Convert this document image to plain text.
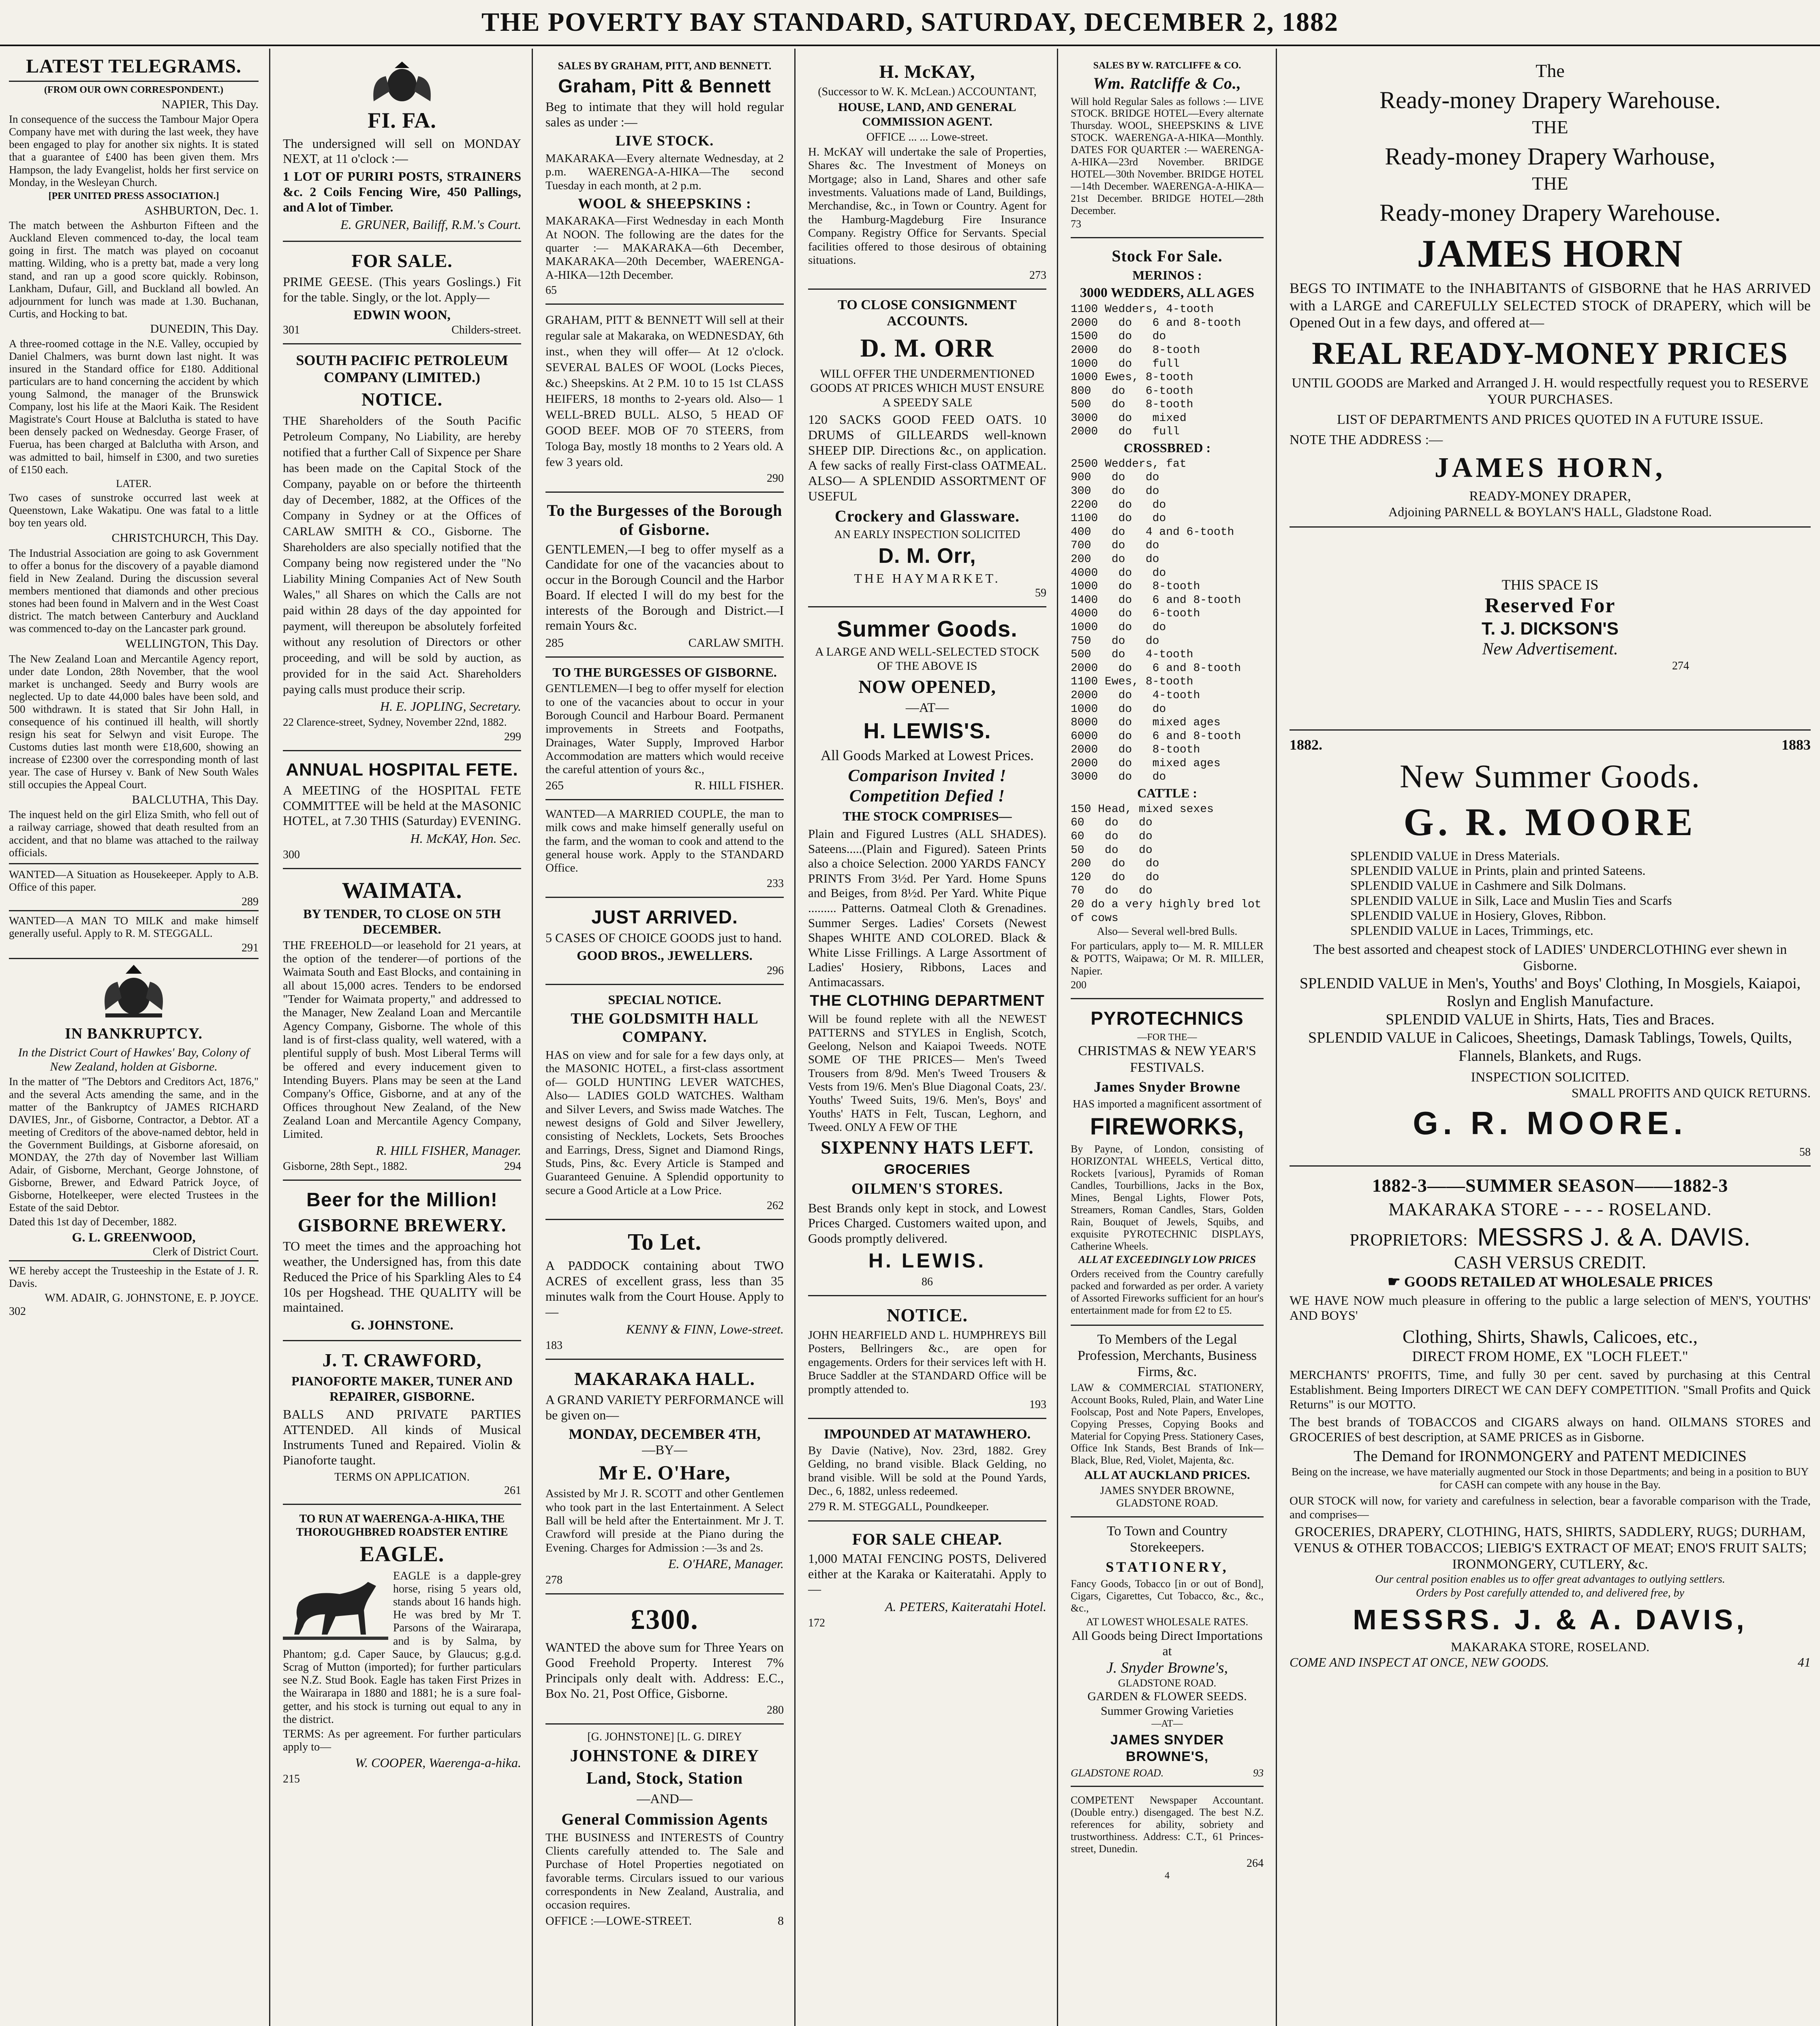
THE POVERTY BAY STANDARD, SATURDAY, DECEMBER 2, 1882
LATEST TELEGRAMS.
(FROM OUR OWN CORRESPONDENT.)
NAPIER, This Day.
In consequence of the success the Tambour Major Opera Company have met with during the last week, they have been engaged to play for another six nights. It is stated that a guarantee of £400 has been given them. Mrs Hampson, the lady Evangelist, holds her first service on Monday, in the Wesleyan Church.
[PER UNITED PRESS ASSOCIATION.]
ASHBURTON, Dec. 1.
The match between the Ashburton Fifteen and the Auckland Eleven commenced to-day, the local team going in first. The match was played on cocoanut matting. Wilding, who is a pretty bat, made a very long stand, and ran up a good score quickly. Robinson, Lankham, Dufaur, Gill, and Buckland all bowled. An adjournment for lunch was made at 1.30. Buchanan, Curtis, and Hocking to bat.
DUNEDIN, This Day.
A three-roomed cottage in the N.E. Valley, occupied by Daniel Chalmers, was burnt down last night. It was insured in the Standard office for £180. Additional particulars are to hand concerning the accident by which young Salmond, the manager of the Brunswick Company, lost his life at the Maori Kaik. The Resident Magistrate's Court House at Balclutha is stated to have been densely packed on Wednesday. George Fraser, of Fuerua, has been charged at Balclutha with Arson, and was admitted to bail, himself in £300, and two sureties of £150 each.
LATER.
Two cases of sunstroke occurred last week at Queenstown, Lake Wakatipu. One was fatal to a little boy ten years old.
CHRISTCHURCH, This Day.
The Industrial Association are going to ask Government to offer a bonus for the discovery of a payable diamond field in New Zealand. During the discussion several members mentioned that diamonds and other precious stones had been found in Malvern and in the West Coast district. The match between Canterbury and Auckland was commenced to-day on the Lancaster park ground.
WELLINGTON, This Day.
The New Zealand Loan and Mercantile Agency report, under date London, 28th November, that the wool market is unchanged. Seedy and Burry wools are neglected. Up to date 44,000 bales have been sold, and 500 withdrawn. It is stated that Sir John Hall, in consequence of his continued ill health, will shortly resign his seat for Selwyn and visit Europe. The Customs duties last month were £18,600, showing an increase of £2300 over the corresponding month of last year. The case of Hursey v. Bank of New South Wales still occupies the Appeal Court.
BALCLUTHA, This Day.
The inquest held on the girl Eliza Smith, who fell out of a railway carriage, showed that death resulted from an accident, and that no blame was attached to the railway officials.
WANTED—A Situation as Housekeeper. Apply to A.B. Office of this paper.
289
WANTED—A MAN TO MILK and make himself generally useful. Apply to R. M. STEGGALL.
291
IN BANKRUPTCY.
In the District Court of Hawkes' Bay, Colony of New Zealand, holden at Gisborne.
In the matter of "The Debtors and Creditors Act, 1876," and the several Acts amending the same, and in the matter of the Bankruptcy of JAMES RICHARD DAVIES, Jnr., of Gisborne, Contractor, a Debtor. AT a meeting of Creditors of the above-named debtor, held in the Government Buildings, at Gisborne aforesaid, on MONDAY, the 27th day of November last William Adair, of Gisborne, Merchant, George Johnstone, of Gisborne, Brewer, and Edward Patrick Joyce, of Gisborne, Hotelkeeper, were elected Trustees in the Estate of the said Debtor.
Dated this 1st day of December, 1882.
G. L. GREENWOOD,
Clerk of District Court.
WE hereby accept the Trusteeship in the Estate of J. R. Davis.
WM. ADAIR, G. JOHNSTONE, E. P. JOYCE.
302
FI. FA.
The undersigned will sell on MONDAY NEXT, at 11 o'clock :—
1 LOT OF PURIRI POSTS, STRAINERS &c. 2 Coils Fencing Wire, 450 Pallings, and A lot of Timber.
E. GRUNER, Bailiff, R.M.'s Court.
FOR SALE.
PRIME GEESE. (This years Goslings.) Fit for the table. Singly, or the lot. Apply—
EDWIN WOON,
301	Childers-street.
SOUTH PACIFIC PETROLEUM COMPANY (LIMITED.)
NOTICE.
THE Shareholders of the South Pacific Petroleum Company, No Liability, are hereby notified that a further Call of Sixpence per Share has been made on the Capital Stock of the Company, payable on or before the thirteenth day of December, 1882, at the Offices of the Company in Sydney or at the Offices of CARLAW SMITH & CO., Gisborne. The Shareholders are also specially notified that the Company being now registered under the "No Liability Mining Companies Act of New South Wales," all Shares on which the Calls are not paid within 28 days of the day appointed for payment, will thereupon be absolutely forfeited without any resolution of Directors or other proceeding, and will be sold by auction, as provided for in the said Act. Shareholders paying calls must produce their scrip.
H. E. JOPLING, Secretary.
22 Clarence-street, Sydney, November 22nd, 1882.
299
ANNUAL HOSPITAL FETE.
A MEETING of the HOSPITAL FETE COMMITTEE will be held at the MASONIC HOTEL, at 7.30 THIS (Saturday) EVENING.
H. McKAY, Hon. Sec.
300
WAIMATA.
BY TENDER, TO CLOSE ON 5TH DECEMBER.
THE FREEHOLD—or leasehold for 21 years, at the option of the tenderer—of portions of the Waimata South and East Blocks, and containing in all about 15,000 acres. Tenders to be endorsed "Tender for Waimata property," and addressed to the Manager, New Zealand Loan and Mercantile Agency Company, Gisborne. The whole of this land is of first-class quality, well watered, with a plentiful supply of bush. Most Liberal Terms will be offered and every inducement given to Intending Buyers. Plans may be seen at the Land Company's Office, Gisborne, and at any of the Offices throughout New Zealand, of the New Zealand Loan and Mercantile Agency Company, Limited.
R. HILL FISHER, Manager.
Gisborne, 28th Sept., 1882.	294
Beer for the Million!
GISBORNE BREWERY.
TO meet the times and the approaching hot weather, the Undersigned has, from this date Reduced the Price of his Sparkling Ales to £4 10s per Hogshead. THE QUALITY will be maintained.
G. JOHNSTONE.
J. T. CRAWFORD,
PIANOFORTE MAKER, TUNER AND REPAIRER, GISBORNE.
BALLS AND PRIVATE PARTIES ATTENDED. All kinds of Musical Instruments Tuned and Repaired. Violin & Pianoforte taught.
TERMS ON APPLICATION.
261
TO RUN AT WAERENGA-A-HIKA, THE THOROUGHBRED ROADSTER ENTIRE
EAGLE.
EAGLE is a dapple-grey horse, rising 5 years old, stands about 16 hands high. He was bred by Mr T. Parsons of the Wairarapa, and is by Salma, by Phantom; g.d. Caper Sauce, by Glaucus; g.g.d. Scrag of Mutton (imported); for further particulars see N.Z. Stud Book. Eagle has taken First Prizes in the Wairarapa in 1880 and 1881; he is a sure foal-getter, and his stock is turning out equal to any in the district.
TERMS: As per agreement. For further particulars apply to—
W. COOPER, Waerenga-a-hika.
215
SALES BY GRAHAM, PITT, AND BENNETT.
Graham, Pitt & Bennett
Beg to intimate that they will hold regular sales as under :—
LIVE STOCK.
MAKARAKA—Every alternate Wednesday, at 2 p.m. WAERENGA-A-HIKA—The second Tuesday in each month, at 2 p.m.
WOOL & SHEEPSKINS :
MAKARAKA—First Wednesday in each Month At NOON. The following are the dates for the quarter :— MAKARAKA—6th December, MAKARAKA—20th December, WAERENGA-A-HIKA—12th December.
65
GRAHAM, PITT & BENNETT Will sell at their regular sale at Makaraka, on WEDNESDAY, 6th inst., when they will offer— At 12 o'clock. SEVERAL BALES OF WOOL (Locks Pieces, &c.) Sheepskins. At 2 P.M. 10 to 15 1st CLASS HEIFERS, 18 months to 2-years old. Also— 1 WELL-BRED BULL. ALSO, 5 HEAD OF GOOD BEEF. MOB OF 70 STEERS, from Tologa Bay, mostly 18 months to 2 Years old. A few 3 years old.
290
To the Burgesses of the Borough of Gisborne.
GENTLEMEN,—I beg to offer myself as a Candidate for one of the vacancies about to occur in the Borough Council and the Harbor Board. If elected I will do my best for the interests of the Borough and District.—I remain Yours &c.
285	CARLAW SMITH.
TO THE BURGESSES OF GISBORNE.
GENTLEMEN—I beg to offer myself for election to one of the vacancies about to occur in your Borough Council and Harbour Board. Permanent improvements in Streets and Footpaths, Drainages, Water Supply, Improved Harbor Accommodation are matters which would receive the careful attention of yours &c.,
265	R. HILL FISHER.
WANTED—A MARRIED COUPLE, the man to milk cows and make himself generally useful on the farm, and the woman to cook and attend to the general house work. Apply to the STANDARD Office.
233
JUST ARRIVED.
5 CASES OF CHOICE GOODS just to hand.
GOOD BROS., JEWELLERS.
296
SPECIAL NOTICE.
THE GOLDSMITH HALL COMPANY.
HAS on view and for sale for a few days only, at the MASONIC HOTEL, a first-class assortment of— GOLD HUNTING LEVER WATCHES, Also— LADIES GOLD WATCHES. Waltham and Silver Levers, and Swiss made Watches. The newest designs of Gold and Silver Jewellery, consisting of Necklets, Lockets, Sets Brooches and Earrings, Dress, Signet and Diamond Rings, Studs, Pins, &c. Every Article is Stamped and Guaranteed Genuine. A Splendid opportunity to secure a Good Article at a Low Price.
262
To Let.
A PADDOCK containing about TWO ACRES of excellent grass, less than 35 minutes walk from the Court House. Apply to—
KENNY & FINN, Lowe-street.
183
MAKARAKA HALL.
A GRAND VARIETY PERFORMANCE will be given on—
MONDAY, DECEMBER 4TH,
—BY—
Mr E. O'Hare,
Assisted by Mr J. R. SCOTT and other Gentlemen who took part in the last Entertainment. A Select Ball will be held after the Entertainment. Mr J. T. Crawford will preside at the Piano during the Evening. Charges for Admission :—3s and 2s.
E. O'HARE, Manager.
278
£300.
WANTED the above sum for Three Years on Good Freehold Property. Interest 7% Principals only dealt with. Address: E.C., Box No. 21, Post Office, Gisborne.
280
[G. JOHNSTONE] [L. G. DIREY
JOHNSTONE & DIREY
Land, Stock, Station
—AND—
General Commission Agents
THE BUSINESS and INTERESTS of Country Clients carefully attended to. The Sale and Purchase of Hotel Properties negotiated on favorable terms. Circulars issued to our various correspondents in New Zealand, Australia, and occasion requires.
OFFICE :—LOWE-STREET.	8
H. McKAY,
(Successor to W. K. McLean.) ACCOUNTANT,
HOUSE, LAND, AND GENERAL COMMISSION AGENT.
OFFICE ... ... Lowe-street.
H. McKAY will undertake the sale of Properties, Shares &c. The Investment of Moneys on Mortgage; also in Land, Shares and other safe investments. Valuations made of Land, Buildings, Merchandise, &c., in Town or Country. Agent for the Hamburg-Magdeburg Fire Insurance Company. Registry Office for Servants. Special facilities offered to those desirous of obtaining situations.
273
TO CLOSE CONSIGNMENT ACCOUNTS.
D. M. ORR
WILL OFFER THE UNDERMENTIONED GOODS AT PRICES WHICH MUST ENSURE A SPEEDY SALE
120 SACKS GOOD FEED OATS. 10 DRUMS of GILLEARDS well-known SHEEP DIP. Directions &c., on application. A few sacks of really First-class OATMEAL. ALSO— A SPLENDID ASSORTMENT OF USEFUL
Crockery and Glassware.
AN EARLY INSPECTION SOLICITED
D. M. Orr,
THE HAYMARKET.
59
Summer Goods.
A LARGE AND WELL-SELECTED STOCK OF THE ABOVE IS
NOW OPENED,
—AT—
H. LEWIS'S.
All Goods Marked at Lowest Prices.
Comparison Invited ! Competition Defied !
THE STOCK COMPRISES—
Plain and Figured Lustres (ALL SHADES). Sateens.....(Plain and Figured). Sateen Prints also a choice Selection. 2000 YARDS FANCY PRINTS From 3½d. Per Yard. Home Spuns and Beiges, from 8½d. Per Yard. White Pique ......... Patterns. Oatmeal Cloth & Grenadines. Summer Serges. Ladies' Corsets (Newest Shapes WHITE AND COLORED. Black & White Lisse Frillings. A Large Assortment of Ladies' Hosiery, Ribbons, Laces and Antimacassars.
THE CLOTHING DEPARTMENT
Will be found replete with all the NEWEST PATTERNS and STYLES in English, Scotch, Geelong, Nelson and Kaiapoi Tweeds. NOTE SOME OF THE PRICES— Men's Tweed Trousers from 8/9d. Men's Tweed Trousers & Vests from 19/6. Men's Blue Diagonal Coats, 23/. Youths' Tweed Suits, 19/6. Men's, Boys' and Youths' HATS in Felt, Tuscan, Leghorn, and Tweed. ONLY A FEW OF THE
SIXPENNY HATS LEFT.
GROCERIES
OILMEN'S STORES.
Best Brands only kept in stock, and Lowest Prices Charged. Customers waited upon, and Goods promptly delivered.
H. LEWIS.
86
NOTICE.
JOHN HEARFIELD AND L. HUMPHREYS Bill Posters, Bellringers &c., are open for engagements. Orders for their services left with H. Bruce Saddler at the STANDARD Office will be promptly attended to.
193
IMPOUNDED AT MATAWHERO.
By Davie (Native), Nov. 23rd, 1882. Grey Gelding, no brand visible. Black Gelding, no brand visible. Will be sold at the Pound Yards, Dec., 6, 1882, unless redeemed.
279 R. M. STEGGALL, Poundkeeper.
FOR SALE CHEAP.
1,000 MATAI FENCING POSTS, Delivered either at the Karaka or Kaiteratahi. Apply to—
A. PETERS, Kaiteratahi Hotel.
172
SALES BY W. RATCLIFFE & CO.
Wm. Ratcliffe & Co.,
Will hold Regular Sales as follows :— LIVE STOCK. BRIDGE HOTEL—Every alternate Thursday. WOOL, SHEEPSKINS & LIVE STOCK. WAERENGA-A-HIKA—Monthly. DATES FOR QUARTER :— WAERENGA-A-HIKA—23rd November. BRIDGE HOTEL—30th November. BRIDGE HOTEL—14th December. WAERENGA-A-HIKA—21st December. BRIDGE HOTEL—28th December.
73
Stock For Sale.
MERINOS :
3000 WEDDERS, ALL AGES
1100 Wedders, 4-tooth
2000   do   6 and 8-tooth
1500   do   do
2000   do   8-tooth
1000   do   full
1000 Ewes, 8-tooth
800   do   6-tooth
500   do   8-tooth
3000   do   mixed
2000   do   full
CROSSBRED :
2500 Wedders, fat
900   do   do
300   do   do
2200   do   do
1100   do   do
400   do   4 and 6-tooth
700   do   do
200   do   do
4000   do   do
1000   do   8-tooth
1400   do   6 and 8-tooth
4000   do   6-tooth
1000   do   do
750   do   do
500   do   4-tooth
2000   do   6 and 8-tooth
1100 Ewes, 8-tooth
2000   do   4-tooth
1000   do   do
8000   do   mixed ages
6000   do   6 and 8-tooth
2000   do   8-tooth
2000   do   mixed ages
3000   do   do
CATTLE :
150 Head, mixed sexes
60   do   do
60   do   do
50   do   do
200   do   do
120   do   do
70   do   do
20 do a very highly bred lot of cows
Also— Several well-bred Bulls.
For particulars, apply to— M. R. MILLER & POTTS, Waipawa; Or M. R. MILLER, Napier.
200
PYROTECHNICS
—FOR THE—
CHRISTMAS & NEW YEAR'S FESTIVALS.
James Snyder Browne
HAS imported a magnificent assortment of
FIREWORKS,
By Payne, of London, consisting of HORIZONTAL WHEELS, Vertical ditto, Rockets [various], Pyramids of Roman Candles, Tourbillions, Jacks in the Box, Mines, Bengal Lights, Flower Pots, Streamers, Roman Candles, Stars, Golden Rain, Bouquet of Jewels, Squibs, and exquisite PYROTECHNIC DISPLAYS, Catherine Wheels.
ALL AT EXCEEDINGLY LOW PRICES
Orders received from the Country carefully packed and forwarded as per order. A variety of Assorted Fireworks sufficient for an hour's entertainment made for from £2 to £5.
To Members of the Legal Profession, Merchants, Business Firms, &c.
LAW & COMMERCIAL STATIONERY, Account Books, Ruled, Plain, and Water Line Foolscap, Post and Note Papers, Envelopes, Copying Presses, Copying Books and Material for Copying Press. Stationery Cases, Office Ink Stands, Best Brands of Ink— Black, Blue, Red, Violet, Majenta, &c.
ALL AT AUCKLAND PRICES.
JAMES SNYDER BROWNE, GLADSTONE ROAD.
To Town and Country Storekeepers.
STATIONERY,
Fancy Goods, Tobacco [in or out of Bond], Cigars, Cigarettes, Cut Tobacco, &c., &c., &c.,
AT LOWEST WHOLESALE RATES.
All Goods being Direct Importations at
J. Snyder Browne's,
GLADSTONE ROAD.
GARDEN & FLOWER SEEDS. Summer Growing Varieties
—AT—
JAMES SNYDER BROWNE'S,
GLADSTONE ROAD.	93
COMPETENT Newspaper Accountant. (Double entry.) disengaged. The best N.Z. references for ability, sobriety and trustworthiness. Address: C.T., 61 Princes-street, Dunedin.
264
4
The
Ready-money Drapery Warehouse.
THE
Ready-money Drapery Warhouse,
THE
Ready-money Drapery Warehouse.
JAMES HORN
BEGS TO INTIMATE to the INHABITANTS of GISBORNE that he HAS ARRIVED with a LARGE and CAREFULLY SELECTED STOCK of DRAPERY, which will be Opened Out in a few days, and offered at—
REAL READY-MONEY PRICES
UNTIL GOODS are Marked and Arranged J. H. would respectfully request you to RESERVE YOUR PURCHASES.
LIST OF DEPARTMENTS AND PRICES QUOTED IN A FUTURE ISSUE.
NOTE THE ADDRESS :—
JAMES HORN,
READY-MONEY DRAPER,
Adjoining PARNELL & BOYLAN'S HALL, Gladstone Road.
THIS SPACE IS
Reserved For
T. J. DICKSON'S
New Advertisement.
274
1882.	1883
New Summer Goods.
G. R. MOORE
SPLENDID VALUE in Dress Materials.
SPLENDID VALUE in Prints, plain and printed Sateens.
SPLENDID VALUE in Cashmere and Silk Dolmans.
SPLENDID VALUE in Silk, Lace and Muslin Ties and Scarfs
SPLENDID VALUE in Hosiery, Gloves, Ribbon.
SPLENDID VALUE in Laces, Trimmings, etc.
The best assorted and cheapest stock of LADIES' UNDERCLOTHING ever shewn in Gisborne.
SPLENDID VALUE in Men's, Youths' and Boys' Clothing, In Mosgiels, Kaiapoi, Roslyn and English Manufacture.
SPLENDID VALUE in Shirts, Hats, Ties and Braces.
SPLENDID VALUE in Calicoes, Sheetings, Damask Tablings, Towels, Quilts, Flannels, Blankets, and Rugs.
INSPECTION SOLICITED.
SMALL PROFITS AND QUICK RETURNS.
G. R. MOORE.
58
1882-3——SUMMER SEASON——1882-3
MAKARAKA STORE - - - - ROSELAND.
PROPRIETORS: MESSRS J. & A. DAVIS.
CASH VERSUS CREDIT.
☛ GOODS RETAILED AT WHOLESALE PRICES
WE HAVE NOW much pleasure in offering to the public a large selection of MEN'S, YOUTHS' AND BOYS'
Clothing, Shirts, Shawls, Calicoes, etc.,
DIRECT FROM HOME, EX "LOCH FLEET."
MERCHANTS' PROFITS, Time, and fully 30 per cent. saved by purchasing at this Central Establishment. Being Importers DIRECT WE CAN DEFY COMPETITION. "Small Profits and Quick Returns" is our MOTTO.
The best brands of TOBACCOS and CIGARS always on hand. OILMANS STORES and GROCERIES of best description, at SAME PRICES as in Gisborne.
The Demand for IRONMONGERY and PATENT MEDICINES
Being on the increase, we have materially augmented our Stock in those Departments; and being in a position to BUY for CASH can compete with any house in the Bay.
OUR STOCK will now, for variety and carefulness in selection, bear a favorable comparison with the Trade, and comprises—
GROCERIES, DRAPERY, CLOTHING, HATS, SHIRTS, SADDLERY, RUGS; DURHAM, VENUS & OTHER TOBACCOS; LIEBIG'S EXTRACT OF MEAT; ENO'S FRUIT SALTS; IRONMONGERY, CUTLERY, &c.
Our central position enables us to offer great advantages to outlying settlers.
Orders by Post carefully attended to, and delivered free, by
MESSRS. J. & A. DAVIS,
MAKARAKA STORE, ROSELAND.
COME AND INSPECT AT ONCE, NEW GOODS.	41
